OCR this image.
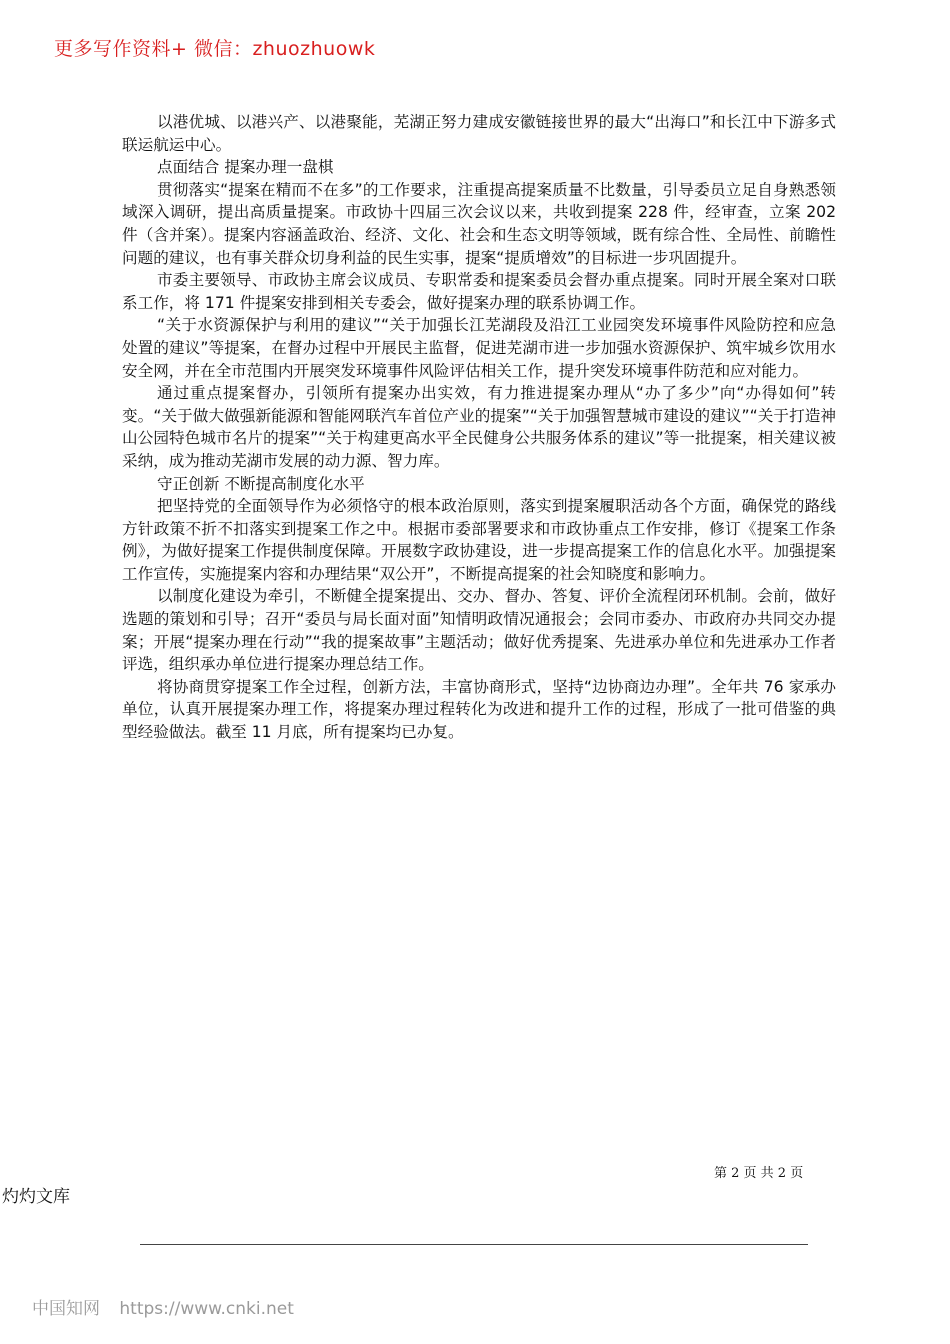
更多写作资料+ 微信：zhuozhuowk

以港优城、以港兴产、以港聚能，芜湖正努力建成安徽链接世界的最大“出海口”和长江中下游多式联运航运中心。

点面结合 提案办理一盘棋

贯彻落实“提案在精而不在多”的工作要求，注重提高提案质量不比数量，引导委员立足自身熟悉领域深入调研，提出高质量提案。市政协十四届三次会议以来，共收到提案 228 件，经审查，立案 202 件（含并案）。提案内容涵盖政治、经济、文化、社会和生态文明等领域，既有综合性、全局性、前瞻性问题的建议，也有事关群众切身利益的民生实事，提案“提质增效”的目标进一步巩固提升。

市委主要领导、市政协主席会议成员、专职常委和提案委员会督办重点提案。同时开展全案对口联系工作，将 171 件提案安排到相关专委会，做好提案办理的联系协调工作。

“关于水资源保护与利用的建议”“关于加强长江芜湖段及沿江工业园突发环境事件风险防控和应急处置的建议”等提案，在督办过程中开展民主监督，促进芜湖市进一步加强水资源保护、筑牢城乡饮用水安全网，并在全市范围内开展突发环境事件风险评估相关工作，提升突发环境事件防范和应对能力。

通过重点提案督办，引领所有提案办出实效，有力推进提案办理从“办了多少”向“办得如何”转变。“关于做大做强新能源和智能网联汽车首位产业的提案”“关于加强智慧城市建设的建议”“关于打造神山公园特色城市名片的提案”“关于构建更高水平全民健身公共服务体系的建议”等一批提案，相关建议被采纳，成为推动芜湖市发展的动力源、智力库。

守正创新 不断提高制度化水平

把坚持党的全面领导作为必须恪守的根本政治原则，落实到提案履职活动各个方面，确保党的路线方针政策不折不扣落实到提案工作之中。根据市委部署要求和市政协重点工作安排，修订《提案工作条例》，为做好提案工作提供制度保障。开展数字政协建设，进一步提高提案工作的信息化水平。加强提案工作宣传，实施提案内容和办理结果“双公开”，不断提高提案的社会知晓度和影响力。

以制度化建设为牵引，不断健全提案提出、交办、督办、答复、评价全流程闭环机制。会前，做好选题的策划和引导；召开“委员与局长面对面”知情明政情况通报会；会同市委办、市政府办共同交办提案；开展“提案办理在行动”“我的提案故事”主题活动；做好优秀提案、先进承办单位和先进承办工作者评选，组织承办单位进行提案办理总结工作。

将协商贯穿提案工作全过程，创新方法，丰富协商形式，坚持“边协商边办理”。全年共 76 家承办单位，认真开展提案办理工作，将提案办理过程转化为改进和提升工作的过程，形成了一批可借鉴的典型经验做法。截至 11 月底，所有提案均已办复。

第 2 页 共 2 页
灼灼文库
中国知网 https://www.cnki.net
